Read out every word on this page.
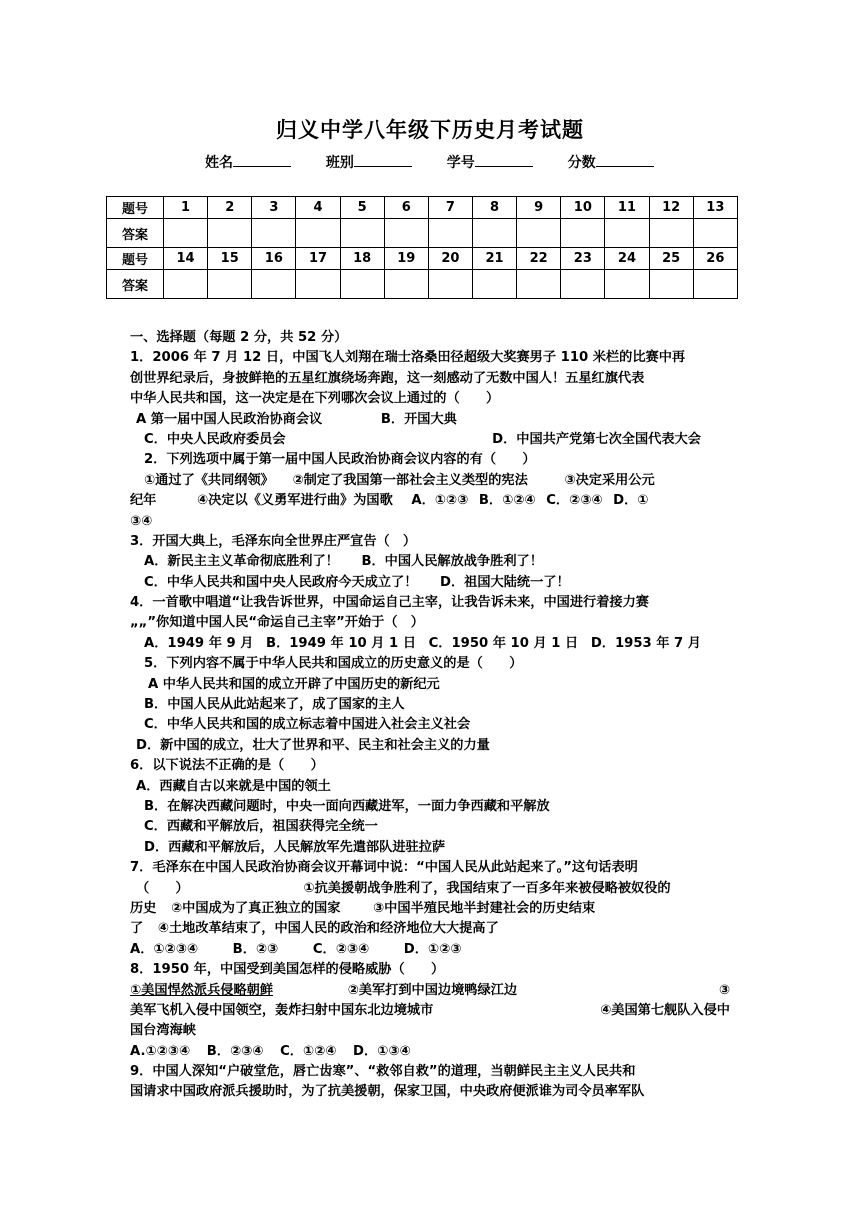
归义中学八年级下历史月考试题
姓名	班别	学号	分数
题号	1	2	3	4	5	6	7	8	9	10	11	12	13
答案													
题号	14	15	16	17	18	19	20	21	22	23	24	25	26
答案													
一、选择题（每题 2 分，共 52 分）
1．2006 年 7 月 12 日，中国飞人刘翔在瑞士洛桑田径超级大奖赛男子 110 米栏的比赛中再
创世界纪录后，身披鲜艳的五星红旗绕场奔跑，这一刻感动了无数中国人！五星红旗代表
中华人民共和国，这一决定是在下列哪次会议上通过的（　　）
A 第一届中国人民政治协商会议	B．开国大典
C．中央人民政府委员会	D．中国共产党第七次全国代表大会
2．下列选项中属于第一届中国人民政治协商会议内容的有（　　）
①通过了《共同纲领》 ②制定了我国第一部社会主义类型的宪法	③决定采用公元
纪年	④决定以《义勇军进行曲》为国歌 A．①②③ B．①②④ C．②③④ D．①
③④
3．开国大典上，毛泽东向全世界庄严宣告（　）
A．新民主主义革命彻底胜利了！ B．中国人民解放战争胜利了！
C．中华人民共和国中央人民政府今天成立了！ D．祖国大陆统一了！
4．一首歌中唱道“让我告诉世界，中国命运自己主宰，让我告诉未来，中国进行着接力赛
„„”你知道中国人民“命运自己主宰”开始于（　）
A．1949 年 9 月 B．1949 年 10 月 1 日 C．1950 年 10 月 1 日 D．1953 年 7 月
5．下列内容不属于中华人民共和国成立的历史意义的是（　　）
A 中华人民共和国的成立开辟了中国历史的新纪元
B．中国人民从此站起来了，成了国家的主人
C．中华人民共和国的成立标志着中国进入社会主义社会
D．新中国的成立，壮大了世界和平、民主和社会主义的力量
6．以下说法不正确的是（　　）
A．西藏自古以来就是中国的领土
B．在解决西藏问题时，中央一面向西藏进军，一面力争西藏和平解放
C．西藏和平解放后，祖国获得完全统一
D．西藏和平解放后，人民解放军先遣部队进驻拉萨
7．毛泽东在中国人民政治协商会议开幕词中说：“中国人民从此站起来了。”这句话表明
（　　）	①抗美援朝战争胜利了，我国结束了一百多年来被侵略被奴役的
历史 ②中国成为了真正独立的国家 ③中国半殖民地半封建社会的历史结束
了 ④土地改革结束了，中国人民的政治和经济地位大大提高了
A．①②③④	B．②③	C．②③④	D．①②③
8．1950 年，中国受到美国怎样的侵略威胁（　　）
①美国悍然派兵侵略朝鲜	②美军打到中国边境鸭绿江边	③
美军飞机入侵中国领空，轰炸扫射中国东北边境城市	④美国第七舰队入侵中
国台湾海峡
A.①②③④ B．②③④ C．①②④ D．①③④
9．中国人深知“户破堂危，唇亡齿寒”、“救邻自救”的道理，当朝鲜民主主义人民共和
国请求中国政府派兵援助时，为了抗美援朝，保家卫国，中央政府便派谁为司令员率军队
